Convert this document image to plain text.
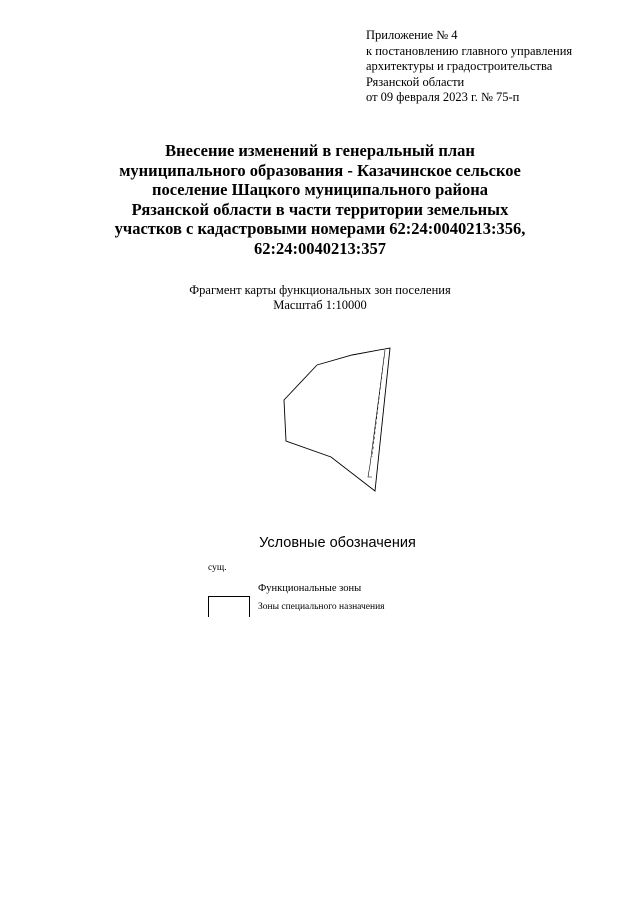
Приложение № 4
к постановлению главного управления
архитектуры и градостроительства
Рязанской области
от 09 февраля 2023 г. № 75-п
Внесение изменений в генеральный план
муниципального образования - Казачинское сельское
поселение Шацкого муниципального района
Рязанской области в части территории земельных
участков с кадастровыми номерами 62:24:0040213:356,
62:24:0040213:357
Фрагмент карты функциональных зон поселения
Масштаб 1:10000
Условные обозначения
сущ.
Функциональные зоны
Зоны специального назначения
